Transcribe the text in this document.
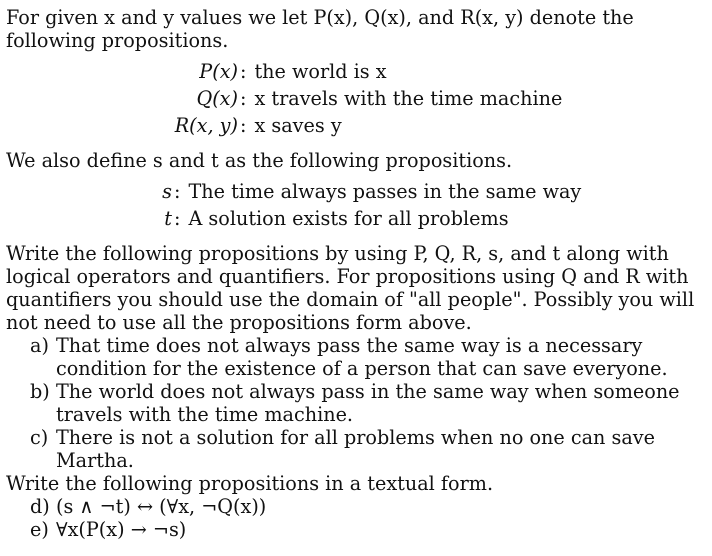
For given x and y values we let P(x), Q(x), and R(x, y) denote the following propositions.

P(x) : the world is x
Q(x) : x travels with the time machine
R(x, y) : x saves y

We also define s and t as the following propositions.

s : The time always passes in the same way
t : A solution exists for all problems

Write the following propositions by using P, Q, R, s, and t along with logical operators and quantifiers. For propositions using Q and R with quantifiers you should use the domain of "all people". Possibly you will not need to use all the propositions form above.

a) That time does not always pass the same way is a necessary condition for the existence of a person that can save everyone.
b) The world does not always pass in the same way when someone travels with the time machine.
c) There is not a solution for all problems when no one can save Martha.

Write the following propositions in a textual form.

d) (s ∧ ¬t) ↔ (∀x, ¬Q(x))
e) ∀x(P(x) → ¬s)
